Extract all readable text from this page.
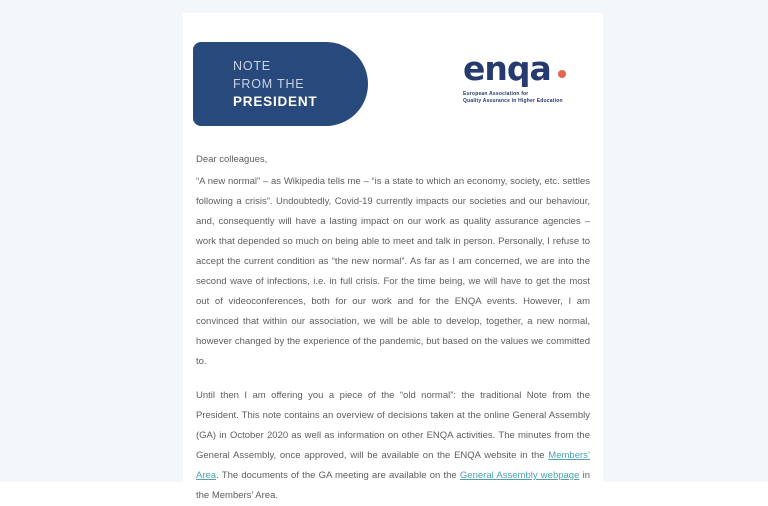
NOTE
FROM THE
PRESIDENT
enqa
European Association for
Quality Assurance in Higher Education

Dear colleagues,

“A new normal” – as Wikipedia tells me – “is a state to which an economy, society, etc. settles following a crisis”. Undoubtedly, Covid-19 currently impacts our societies and our behaviour, and, consequently will have a lasting impact on our work as quality assurance agencies – work that depended so much on being able to meet and talk in person. Personally, I refuse to accept the current condition as “the new normal”. As far as I am concerned, we are into the second wave of infections, i.e. in full crisis. For the time being, we will have to get the most out of videoconferences, both for our work and for the ENQA events. However, I am convinced that within our association, we will be able to develop, together, a new normal, however changed by the experience of the pandemic, but based on the values we committed to.

Until then I am offering you a piece of the “old normal”: the traditional Note from the President. This note contains an overview of decisions taken at the online General Assembly (GA) in October 2020 as well as information on other ENQA activities. The minutes from the General Assembly, once approved, will be available on the ENQA website in the Members’ Area. The documents of the GA meeting are available on the General Assembly webpage in the Members’ Area.
